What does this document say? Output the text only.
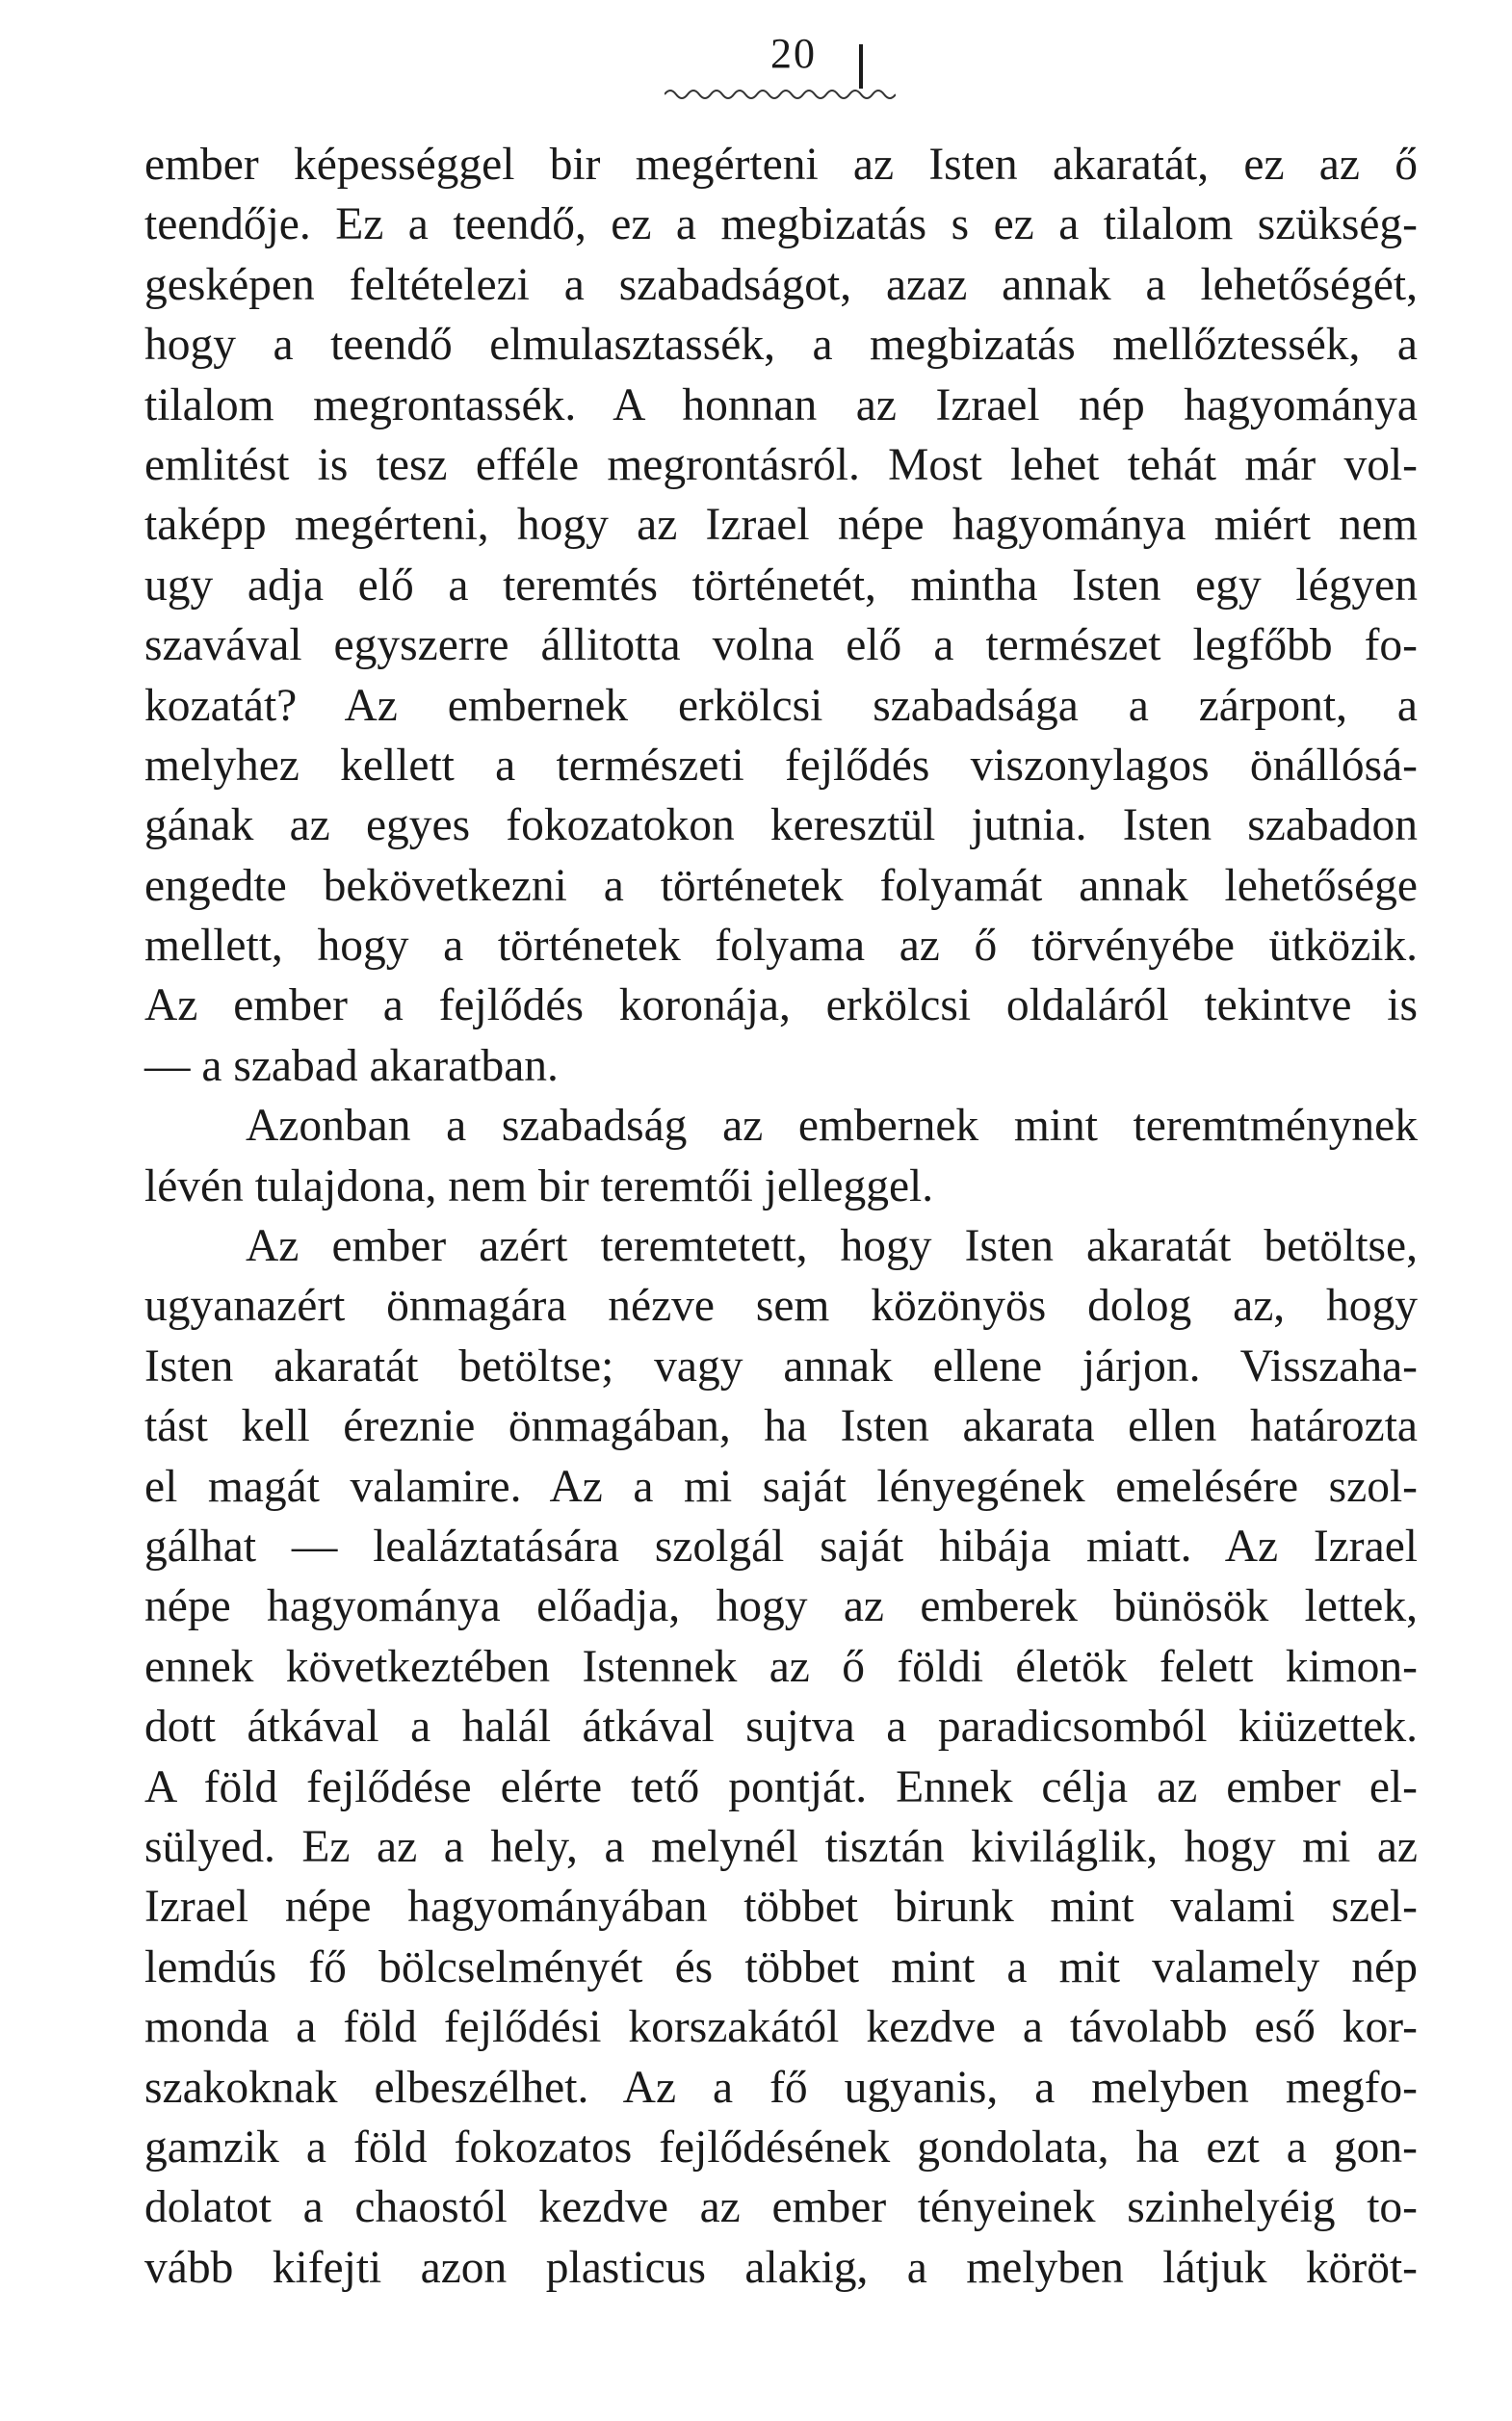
20

ember képességgel bir megérteni az Isten akaratát, ez az ő
teendője. Ez a teendő, ez a megbizatás s ez a tilalom szükség-
gesképen feltételezi a szabadságot, azaz annak a lehetőségét,
hogy a teendő elmulasztassék, a megbizatás mellőztessék, a
tilalom megrontassék. A honnan az Izrael nép hagyománya
emlitést is tesz efféle megrontásról. Most lehet tehát már vol-
taképp megérteni, hogy az Izrael népe hagyománya miért nem
ugy adja elő a teremtés történetét, mintha Isten egy légyen
szavával egyszerre állitotta volna elő a természet legfőbb fo-
kozatát? Az embernek erkölcsi szabadsága a zárpont, a
melyhez kellett a természeti fejlődés viszonylagos önállósá-
gának az egyes fokozatokon keresztül jutnia. Isten szabadon
engedte bekövetkezni a történetek folyamát annak lehetősége
mellett, hogy a történetek folyama az ő törvényébe ütközik.
Az ember a fejlődés koronája, erkölcsi oldaláról tekintve is
— a szabad akaratban.

Azonban a szabadság az embernek mint teremtménynek
lévén tulajdona, nem bir teremtői jelleggel.

Az ember azért teremtetett, hogy Isten akaratát betöltse,
ugyanazért önmagára nézve sem közönyös dolog az, hogy
Isten akaratát betöltse; vagy annak ellene járjon. Visszaha-
tást kell éreznie önmagában, ha Isten akarata ellen határozta
el magát valamire. Az a mi saját lényegének emelésére szol-
gálhat — lealáztatására szolgál saját hibája miatt. Az Izrael
népe hagyománya előadja, hogy az emberek bünösök lettek,
ennek következtében Istennek az ő földi életök felett kimon-
dott átkával a halál átkával sujtva a paradicsomból kiüzettek.
A föld fejlődése elérte tető pontját. Ennek célja az ember el-
sülyed. Ez az a hely, a melynél tisztán kiviláglik, hogy mi az
Izrael népe hagyományában többet birunk mint valami szel-
lemdús fő bölcselményét és többet mint a mit valamely nép
monda a föld fejlődési korszakától kezdve a távolabb eső kor-
szakoknak elbeszélhet. Az a fő ugyanis, a melyben megfo-
gamzik a föld fokozatos fejlődésének gondolata, ha ezt a gon-
dolatot a chaostól kezdve az ember tényeinek szinhelyéig to-
vább kifejti azon plasticus alakig, a melyben látjuk köröt-
